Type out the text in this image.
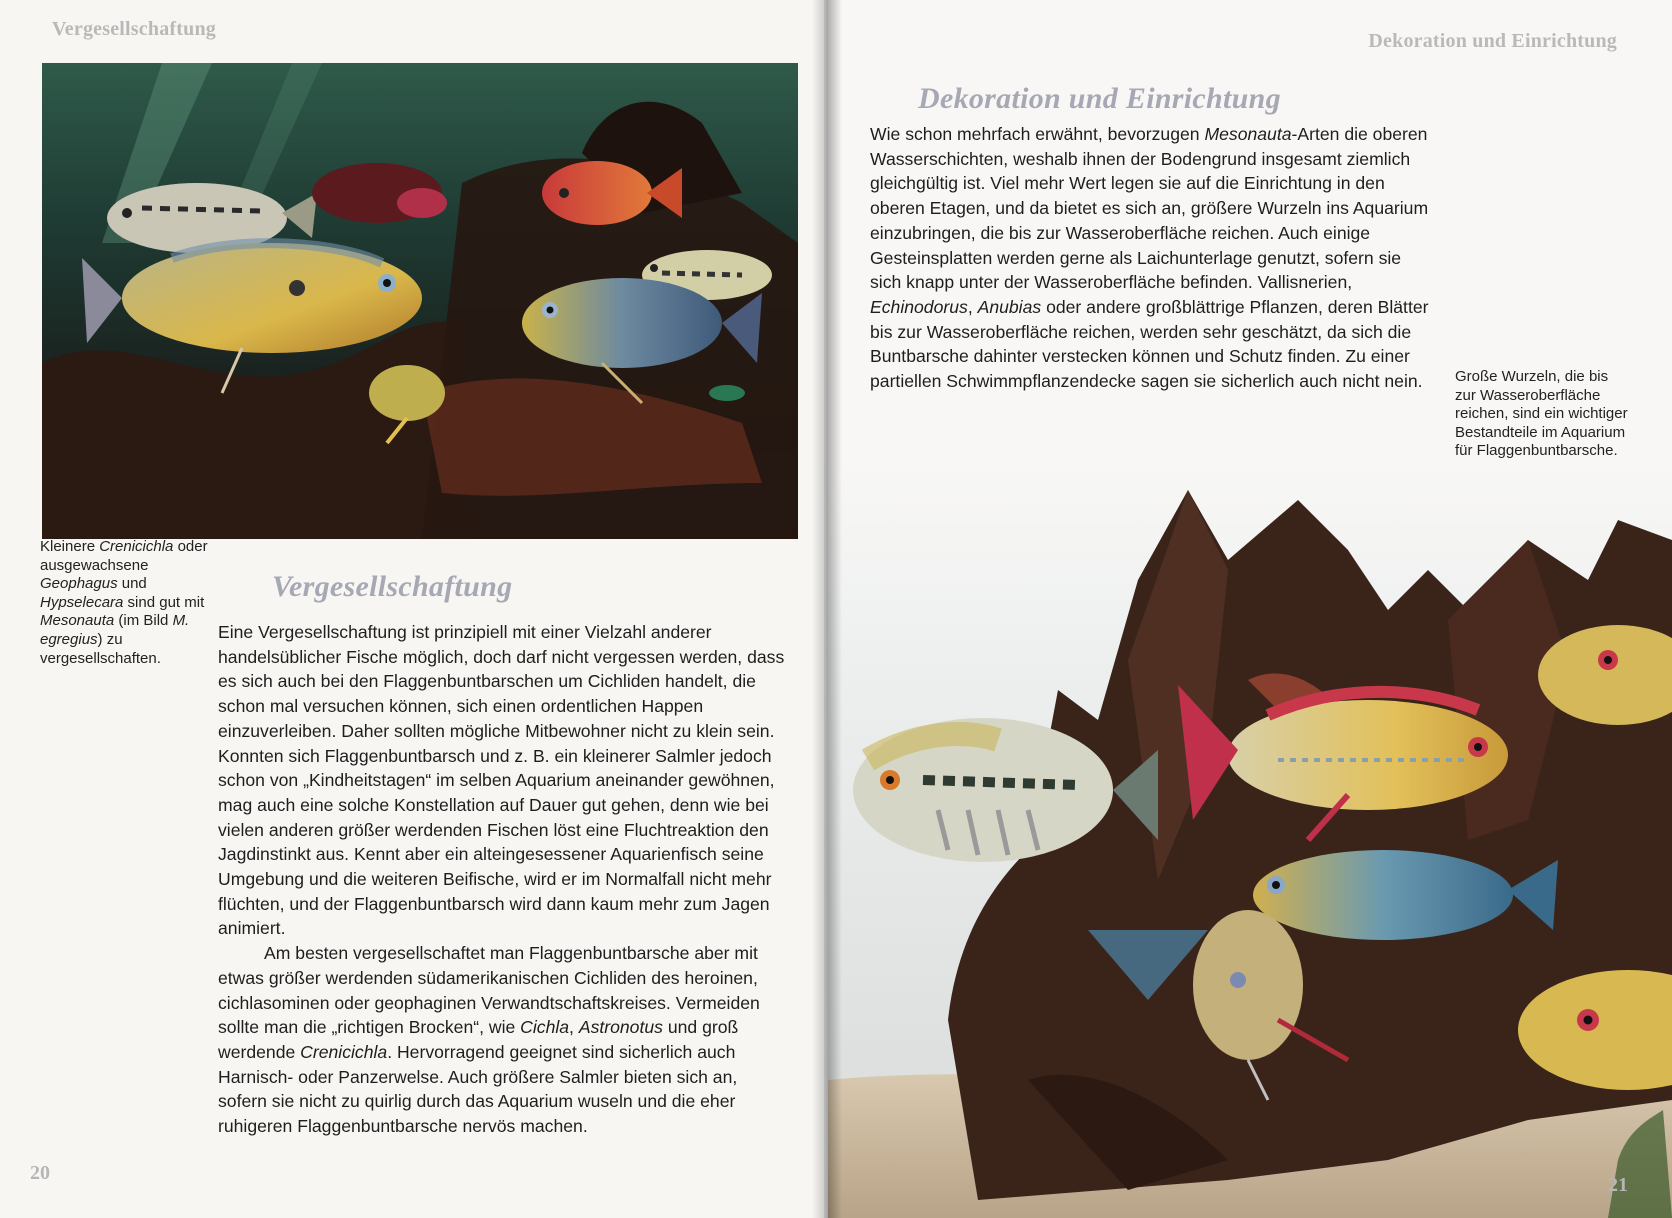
Vergesellschaftung
Kleinere Crenicichla oder ausgewachsene Geophagus und Hypselecara sind gut mit Mesonauta (im Bild M. egregius) zu vergesellschaften.
Vergesellschaftung

Eine Vergesellschaftung ist prinzipiell mit einer Vielzahl anderer handelsüblicher Fische möglich, doch darf nicht vergessen werden, dass es sich auch bei den Flaggenbuntbarschen um Cichliden handelt, die schon mal versuchen können, sich einen ordentlichen Happen einzuverleiben. Daher sollten mögliche Mitbewohner nicht zu klein sein. Konnten sich Flaggenbuntbarsch und z. B. ein kleinerer Salmler jedoch schon von „Kindheitstagen“ im selben Aquarium aneinander gewöhnen, mag auch eine solche Konstellation auf Dauer gut gehen, denn wie bei vielen anderen größer werdenden Fischen löst eine Fluchtreaktion den Jagdinstinkt aus. Kennt aber ein alteingesessener Aquarienfisch seine Umgebung und die weiteren Beifische, wird er im Normalfall nicht mehr flüchten, und der Flaggenbuntbarsch wird dann kaum mehr zum Jagen animiert.

Am besten vergesellschaftet man Flaggenbuntbarsche aber mit etwas größer werdenden südamerikanischen Cichliden des heroinen, cichlasominen oder geophaginen Verwandtschaftskreises. Vermeiden sollte man die „richtigen Brocken“, wie Cichla, Astronotus und groß werdende Crenicichla. Hervorragend geeignet sind sicherlich auch Harnisch- oder Panzerwelse. Auch größere Salmler bieten sich an, sofern sie nicht zu quirlig durch das Aquarium wuseln und die eher ruhigeren Flaggenbuntbarsche nervös machen.

20
Dekoration und Einrichtung
Dekoration und Einrichtung

Wie schon mehrfach erwähnt, bevorzugen Mesonauta-Arten die oberen Wasserschichten, weshalb ihnen der Bodengrund insgesamt ziemlich gleichgültig ist. Viel mehr Wert legen sie auf die Einrichtung in den oberen Etagen, und da bietet es sich an, größere Wurzeln ins Aquarium einzubringen, die bis zur Wasseroberfläche reichen. Auch einige Gesteinsplatten werden gerne als Laichunterlage genutzt, sofern sie sich knapp unter der Wasseroberfläche befinden. Vallisnerien, Echinodorus, Anubias oder andere großblättrige Pflanzen, deren Blätter bis zur Wasseroberfläche reichen, werden sehr geschätzt, da sich die Buntbarsche dahinter verstecken können und Schutz finden. Zu einer partiellen Schwimmpflanzendecke sagen sie sicherlich auch nicht nein.	Große Wurzeln, die bis zur Wasseroberfläche reichen, sind ein wichtiger Bestandteile im Aquarium für Flaggenbuntbarsche.
21
